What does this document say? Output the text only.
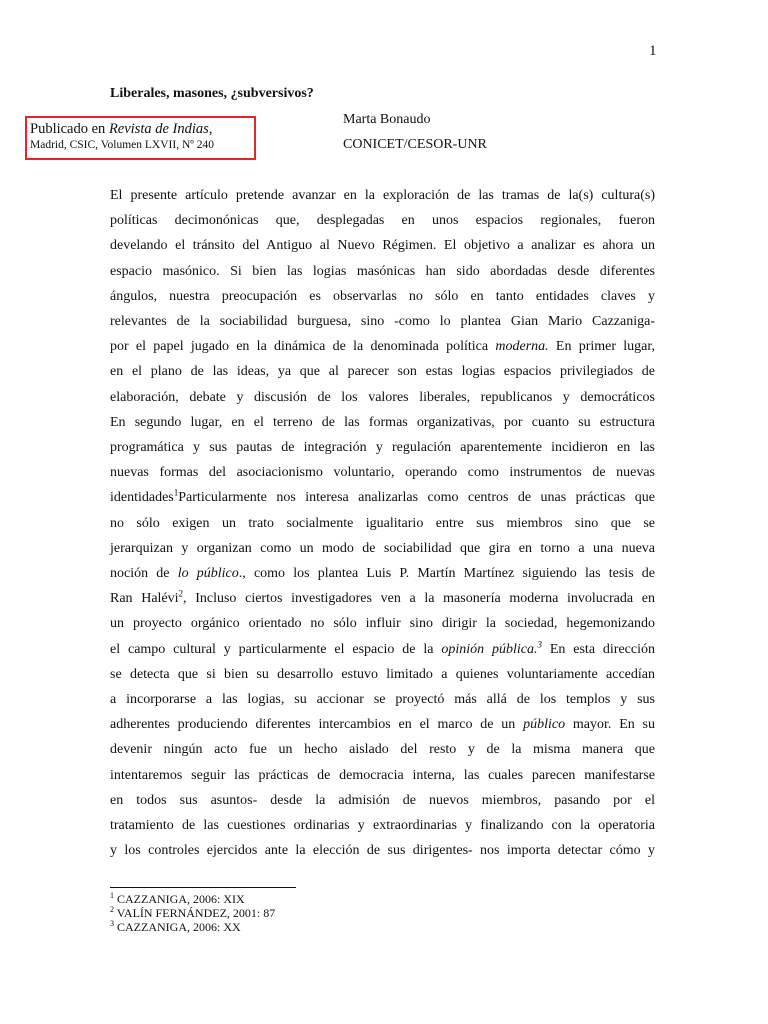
1
Liberales, masones, ¿subversivos?
Publicado en Revista de Indias,
Madrid, CSIC, Volumen LXVII, Nº 240
Marta Bonaudo
CONICET/CESOR-UNR
El presente artículo pretende avanzar en la exploración de las tramas de la(s) cultura(s)
políticas decimonónicas que, desplegadas en unos espacios regionales, fueron
develando el tránsito del Antiguo al Nuevo Régimen. El objetivo a analizar es ahora un
espacio masónico. Si bien las logias masónicas han sido abordadas desde diferentes
ángulos, nuestra preocupación es observarlas no sólo en tanto entidades claves y
relevantes de la sociabilidad burguesa, sino -como lo plantea Gian Mario Cazzaniga-
por el papel jugado en la dinámica de la denominada política moderna. En primer lugar,
en el plano de las ideas, ya que al parecer son estas logias espacios privilegiados de
elaboración, debate y discusión de los valores liberales, republicanos y democráticos
En segundo lugar, en el terreno de las formas organizativas, por cuanto su estructura
programática y sus pautas de integración y regulación aparentemente incidieron en las
nuevas formas del asociacionismo voluntario, operando como instrumentos de nuevas
identidades$^1$Particularmente nos interesa analizarlas como centros de unas prácticas que
no sólo exigen un trato socialmente igualitario entre sus miembros sino que se
jerarquizan y organizan como un modo de sociabilidad que gira en torno a una nueva
noción de lo público., como los plantea Luis P. Martín Martínez siguiendo las tesis de
Ran Halévi$^2$, Incluso ciertos investigadores ven a la masonería moderna involucrada en
un proyecto orgánico orientado no sólo influir sino dirigir la sociedad, hegemonizando
el campo cultural y particularmente el espacio de la opinión pública.$^3$ En esta dirección
se detecta que si bien su desarrollo estuvo limitado a quienes voluntariamente accedían
a incorporarse a las logias, su accionar se proyectó más allá de los templos y sus
adherentes produciendo diferentes intercambios en el marco de un público mayor. En su
devenir ningún acto fue un hecho aislado del resto y de la misma manera que
intentaremos seguir las prácticas de democracia interna, las cuales parecen manifestarse
en todos sus asuntos- desde la admisión de nuevos miembros, pasando por el
tratamiento de las cuestiones ordinarias y extraordinarias y finalizando con la operatoria
y los controles ejercidos ante la elección de sus dirigentes- nos importa detectar cómo y
$^1$ CAZZANIGA, 2006: XIX
$^2$ VALÍN FERNÁNDEZ, 2001: 87
$^3$ CAZZANIGA, 2006: XX
